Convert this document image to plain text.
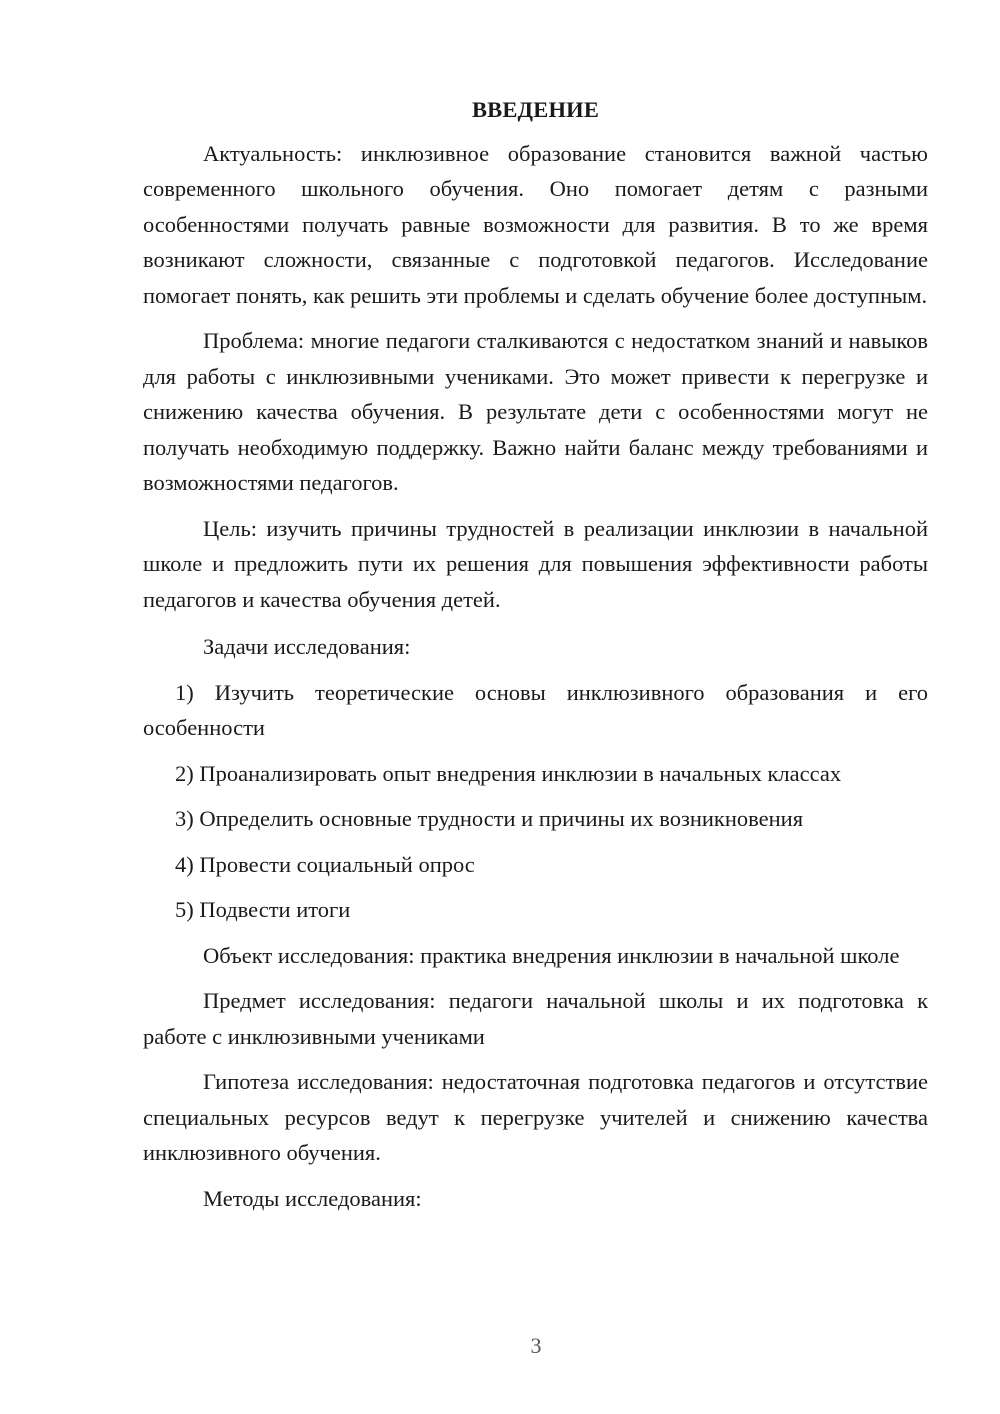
ВВЕДЕНИЕ

Актуальность: инклюзивное образование становится важной частью современного школьного обучения. Оно помогает детям с разными особенностями получать равные возможности для развития. В то же время возникают сложности, связанные с подготовкой педагогов. Исследование помогает понять, как решить эти проблемы и сделать обучение более доступным.

Проблема: многие педагоги сталкиваются с недостатком знаний и навыков для работы с инклюзивными учениками. Это может привести к перегрузке и снижению качества обучения. В результате дети с особенностями могут не получать необходимую поддержку. Важно найти баланс между требованиями и возможностями педагогов.

Цель: изучить причины трудностей в реализации инклюзии в начальной школе и предложить пути их решения для повышения эффективности работы педагогов и качества обучения детей.

Задачи исследования:

1) Изучить теоретические основы инклюзивного образования и его особенности
2) Проанализировать опыт внедрения инклюзии в начальных классах
3) Определить основные трудности и причины их возникновения
4) Провести социальный опрос
5) Подвести итоги

Объект исследования: практика внедрения инклюзии в начальной школе

Предмет исследования: педагоги начальной школы и их подготовка к работе с инклюзивными учениками

Гипотеза исследования: недостаточная подготовка педагогов и отсутствие специальных ресурсов ведут к перегрузке учителей и снижению качества инклюзивного обучения.

Методы исследования:

3
